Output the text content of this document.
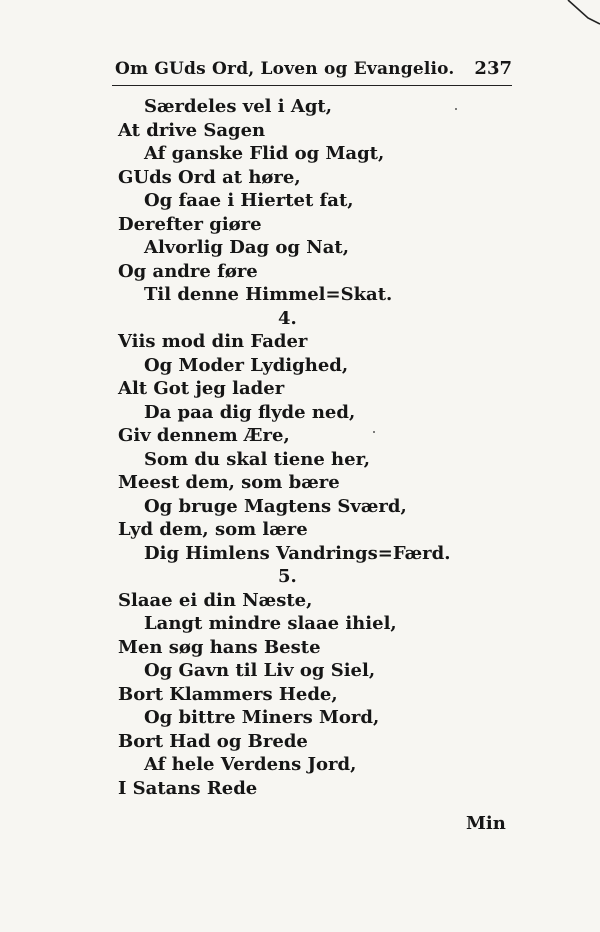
Om GUds Ord, Loven og Evangelio. 237
Særdeles vel i Agt,
At drive Sagen
Af ganske Flid og Magt,
GUds Ord at høre,
Og faae i Hiertet fat,
Derefter giøre
Alvorlig Dag og Nat,
Og andre føre
Til denne Himmel=Skat.
4.
Viis mod din Fader
Og Moder Lydighed,
Alt Got jeg lader
Da paa dig flyde ned,
Giv dennem Ære,
Som du skal tiene her,
Meest dem, som bære
Og bruge Magtens Sværd,
Lyd dem, som lære
Dig Himlens Vandrings=Færd.
5.
Slaae ei din Næste,
Langt mindre slaae ihiel,
Men søg hans Beste
Og Gavn til Liv og Siel,
Bort Klammers Hede,
Og bittre Miners Mord,
Bort Had og Brede
Af hele Verdens Jord,
I Satans Rede
Min
